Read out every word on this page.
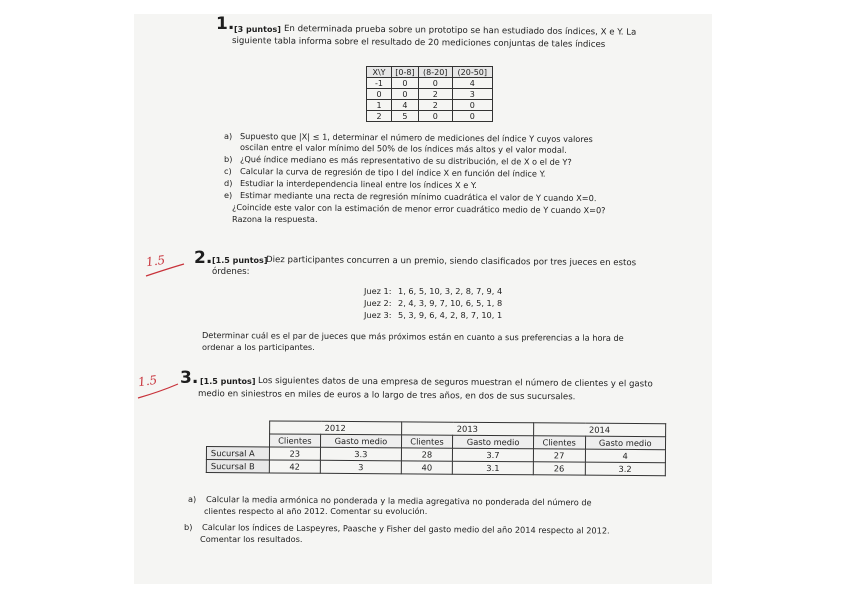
1. [3 puntos] En determinada prueba sobre un prototipo se han estudiado dos índices, X e Y. La
siguiente tabla informa sobre el resultado de 20 mediciones conjuntas de tales índices
X\Y	[0-8]	(8-20]	(20-50]
-1	0	0	4
0	0	2	3
1	4	2	0
2	5	0	0
a) Supuesto que |X| ≤ 1, determinar el número de mediciones del índice Y cuyos valores
oscilan entre el valor mínimo del 50% de los índices más altos y el valor modal.
b) ¿Qué índice mediano es más representativo de su distribución, el de X o el de Y?
c) Calcular la curva de regresión de tipo I del índice X en función del índice Y.
d) Estudiar la interdependencia lineal entre los índices X e Y.
e) Estimar mediante una recta de regresión mínimo cuadrática el valor de Y cuando X=0.
¿Coincide este valor con la estimación de menor error cuadrático medio de Y cuando X=0?
Razona la respuesta.
1.5 2. [1.5 puntos]
Diez participantes concurren a un premio, siendo clasificados por tres jueces en estos
órdenes:
Juez 1: 1, 6, 5, 10, 3, 2, 8, 7, 9, 4
Juez 2: 2, 4, 3, 9, 7, 10, 6, 5, 1, 8
Juez 3: 5, 3, 9, 6, 4, 2, 8, 7, 10, 1
Determinar cuál es el par de jueces que más próximos están en cuanto a sus preferencias a la hora de
ordenar a los participantes.
1.5 3. [1.5 puntos] Los siguientes datos de una empresa de seguros muestran el número de clientes y el gasto
medio en siniestros en miles de euros a lo largo de tres años, en dos de sus sucursales.
	2012		2013		2014	
	Clientes	Gasto medio	Clientes	Gasto medio	Clientes	Gasto medio
Sucursal A	23	3.3	28	3.7	27	4
Sucursal B	42	3	40	3.1	26	3.2
a) Calcular la media armónica no ponderada y la media agregativa no ponderada del número de
clientes respecto al año 2012. Comentar su evolución.
b) Calcular los índices de Laspeyres, Paasche y Fisher del gasto medio del año 2014 respecto al 2012.
Comentar los resultados.
